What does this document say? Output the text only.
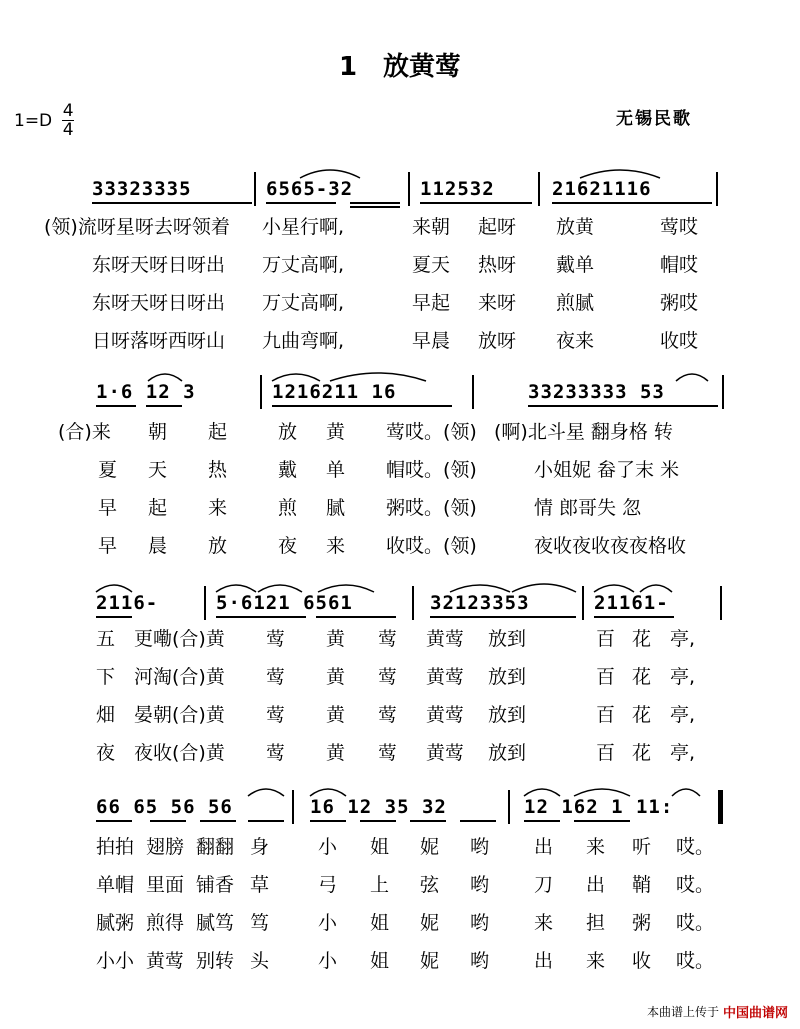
1 放黄莺
$1=D \frac{4}{4}$	无锡民歌
33323335	6565-32	112532	21621116
(领)流呀星呀去呀领着 小星行啊,	来朝 起呀 放黄	莺哎
东呀天呀日呀出 万丈高啊,	夏天 热呀 戴单	帽哎
东呀天呀日呀出 万丈高啊,	早起 来呀 煎腻	粥哎
日呀落呀西呀山 九曲弯啊,	早晨 放呀 夜来	收哎
1·6 12 3	1216211 16	33233333 53
(合)来 朝 起	放 黄 莺哎。(领) (啊)北斗星 翻身格 转
夏 天 热	戴 单 帽哎。(领)	小姐妮 畚了末 米
早 起 来	煎 腻 粥哎。(领)	情 郎哥失 忽
早 晨 放	夜 来 收哎。(领)	夜收夜收夜夜格收
2116-	5·6121 6561	32123353	21161-
五 更嘞(合)黄 莺 黄 莺 黄莺 放到	百 花 亭,
下 河淘(合)黄 莺 黄 莺 黄莺 放到	百 花 亭,
畑 晏朝(合)黄 莺 黄 莺 黄莺 放到	百 花 亭,
夜 夜收(合)黄 莺 黄 莺 黄莺 放到	百 花 亭,
66 65 56 56	16 12 35 32	12 162 1 11:
拍拍 翅膀 翻翻 身	小 姐 妮 哟 出 来 听 哎。
单帽 里面 铺香 草	弓 上 弦 哟 刀 出 鞘 哎。
腻粥 煎得 腻笃 笃	小 姐 妮 哟 来 担 粥 哎。
小小 黄莺 别转 头	小 姐 妮 哟 出 来 收 哎。
本曲谱上传于 中国曲谱网
